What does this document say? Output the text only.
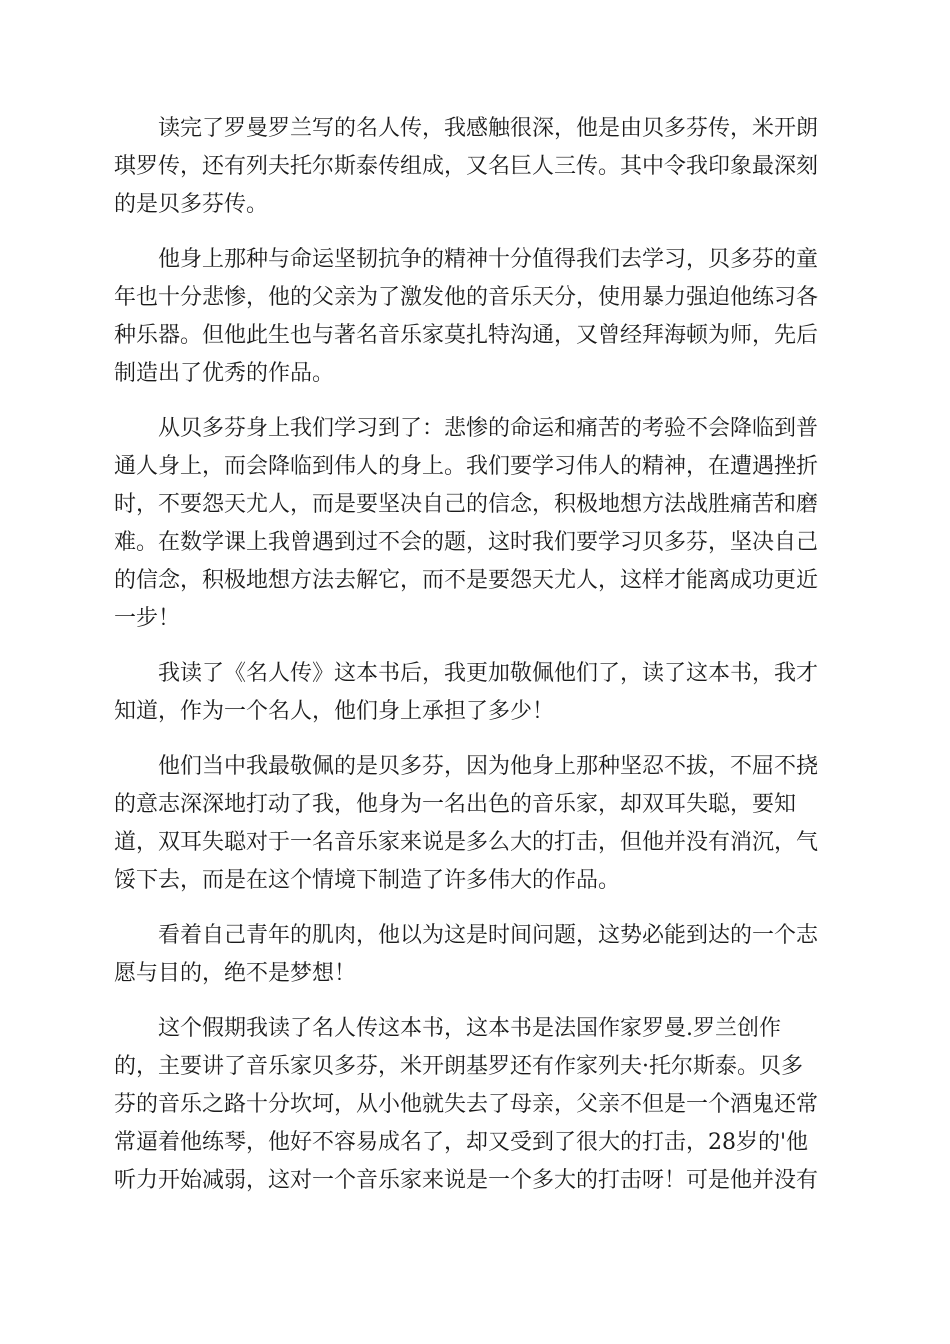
读完了罗曼罗兰写的名人传，我感触很深，他是由贝多芬传，米开朗
琪罗传，还有列夫托尔斯泰传组成，又名巨人三传。其中令我印象最深刻
的是贝多芬传。

他身上那种与命运坚韧抗争的精神十分值得我们去学习，贝多芬的童
年也十分悲惨，他的父亲为了激发他的音乐天分，使用暴力强迫他练习各
种乐器。但他此生也与著名音乐家莫扎特沟通，又曾经拜海顿为师，先后
制造出了优秀的作品。

从贝多芬身上我们学习到了：悲惨的命运和痛苦的考验不会降临到普
通人身上，而会降临到伟人的身上。我们要学习伟人的精神，在遭遇挫折
时，不要怨天尤人，而是要坚决自己的信念，积极地想方法战胜痛苦和磨
难。在数学课上我曾遇到过不会的题，这时我们要学习贝多芬，坚决自己
的信念，积极地想方法去解它，而不是要怨天尤人，这样才能离成功更近
一步！

我读了《名人传》这本书后，我更加敬佩他们了，读了这本书，我才
知道，作为一个名人，他们身上承担了多少！

他们当中我最敬佩的是贝多芬，因为他身上那种坚忍不拔，不屈不挠
的意志深深地打动了我，他身为一名出色的音乐家，却双耳失聪，要知
道，双耳失聪对于一名音乐家来说是多么大的打击，但他并没有消沉，气
馁下去，而是在这个情境下制造了许多伟大的作品。

看着自己青年的肌肉，他以为这是时间问题，这势必能到达的一个志
愿与目的，绝不是梦想！

这个假期我读了名人传这本书，这本书是法国作家罗曼.罗兰创作
的，主要讲了音乐家贝多芬，米开朗基罗还有作家列夫·托尔斯泰。贝多
芬的音乐之路十分坎坷，从小他就失去了母亲，父亲不但是一个酒鬼还常
常逼着他练琴，他好不容易成名了，却又受到了很大的打击，28岁的'他
听力开始减弱，这对一个音乐家来说是一个多大的打击呀！可是他并没有
